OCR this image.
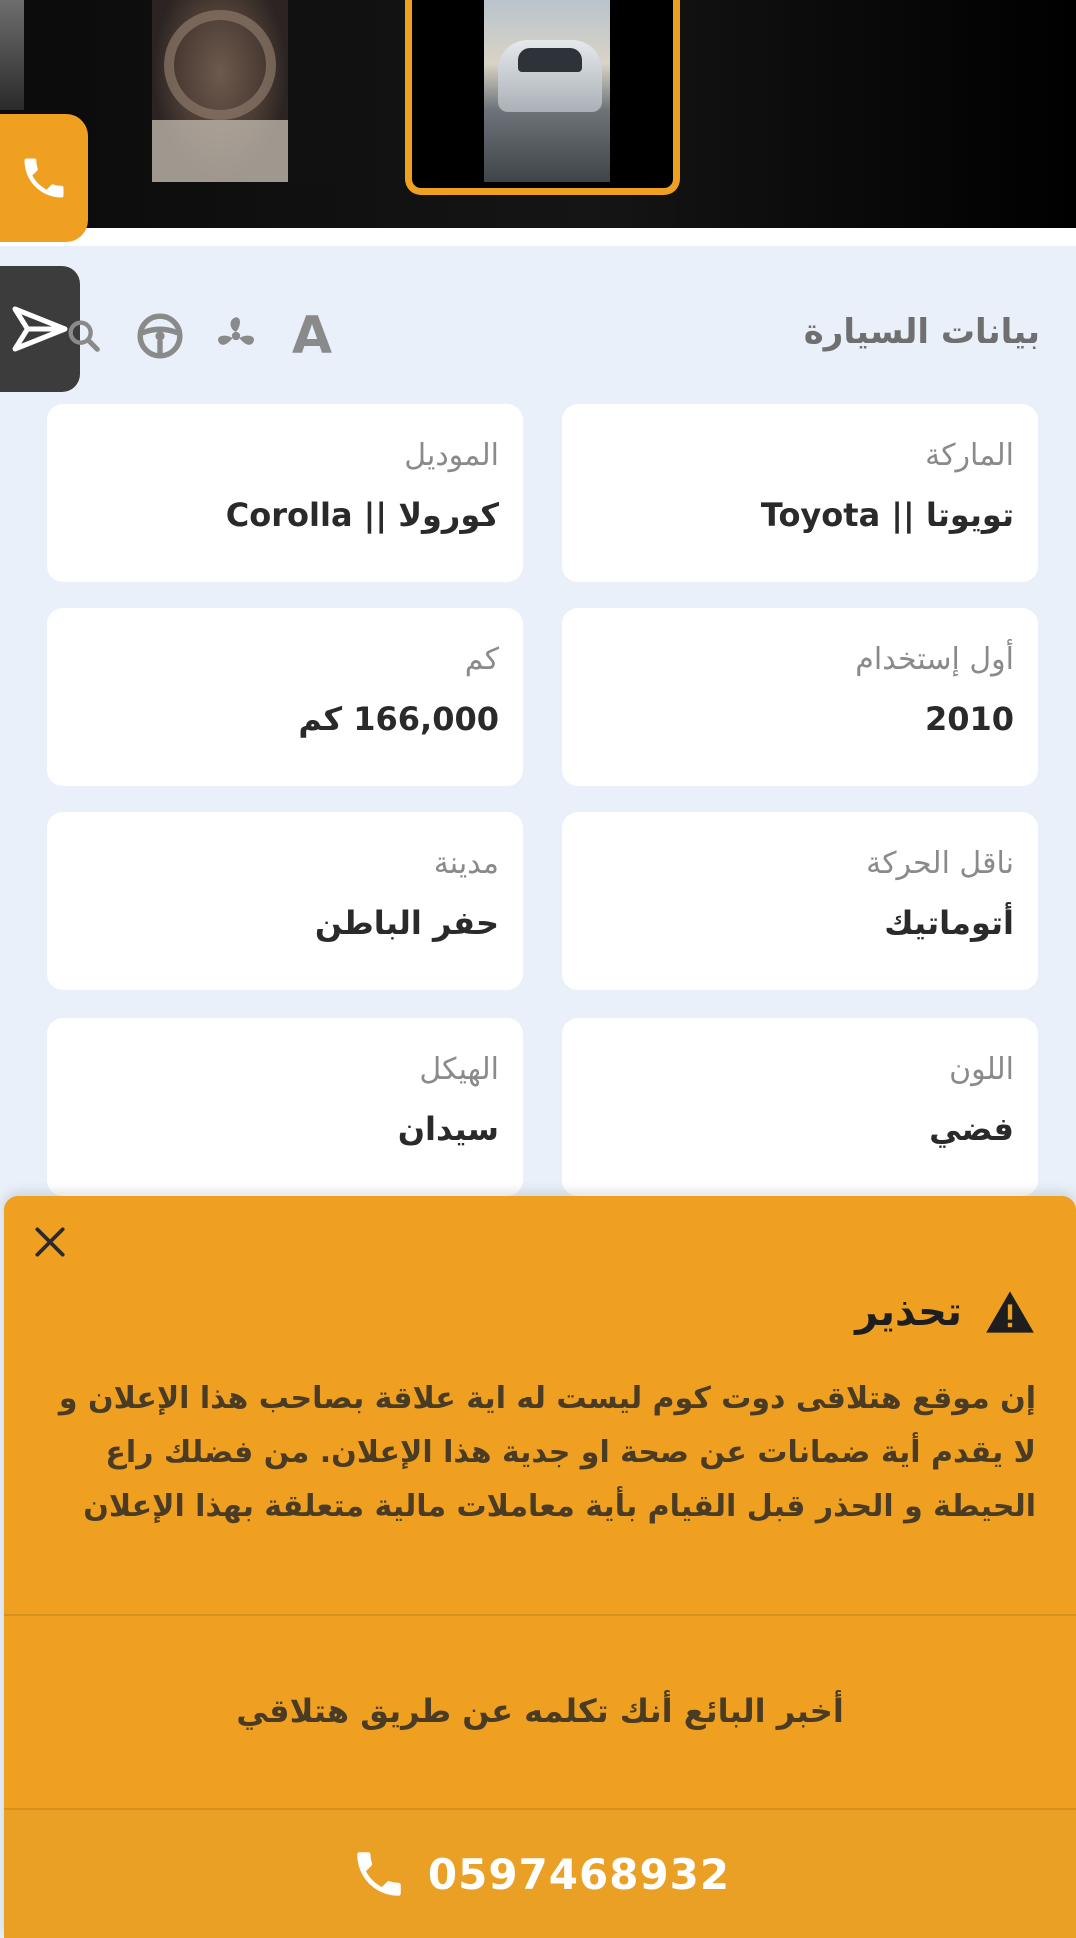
بيانات السيارة
A
الماركة
تويوتا || Toyota
الموديل
كورولا || Corolla
أول إستخدام
2010
كم
166,000 كم
ناقل الحركة
أتوماتيك
مدينة
حفر الباطن
اللون
فضي
الهيكل
سيدان
تحذير
إن موقع هتلاقى دوت كوم ليست له اية علاقة بصاحب هذا الإعلان و
لا يقدم أية ضمانات عن صحة او جدية هذا الإعلان. من فضلك راع
الحيطة و الحذر قبل القيام بأية معاملات مالية متعلقة بهذا الإعلان
أخبر البائع أنك تكلمه عن طريق هتلاقي
0597468932
